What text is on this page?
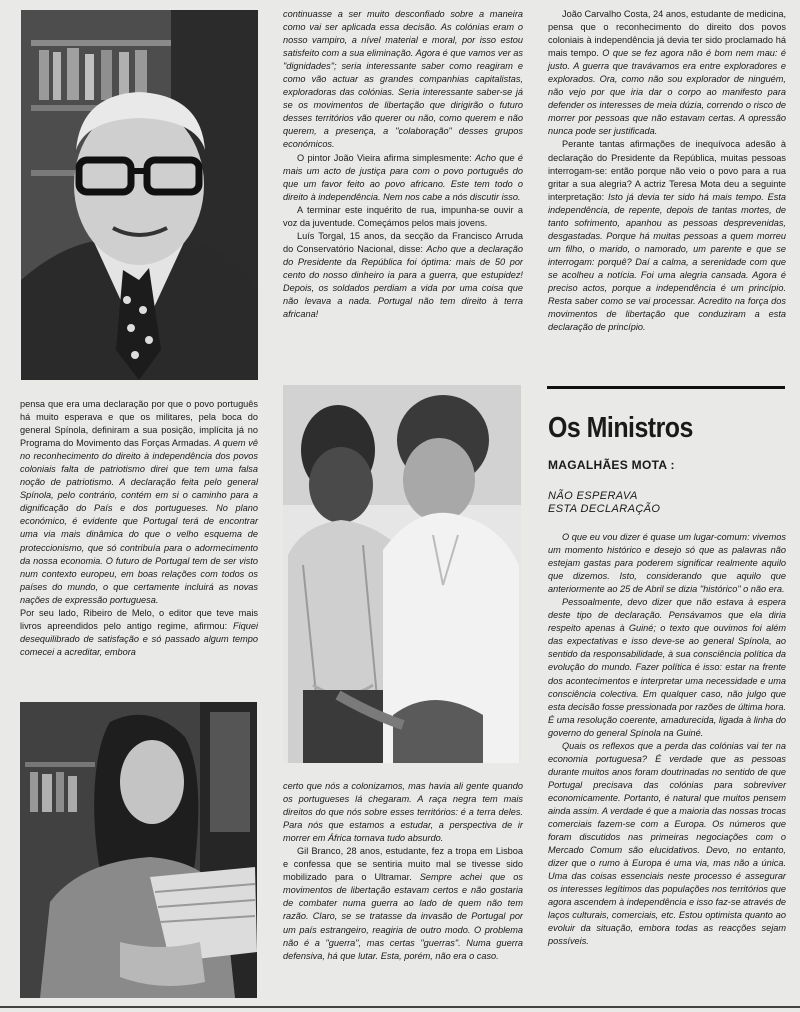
continuasse a ser muito desconfiado sobre a maneira como vai ser aplicada essa decisão. As colónias eram o nosso vampiro, a nível material e moral, por isso estou satisfeito com a sua eliminação. Agora é que vamos ver as "dignidades"; seria interessante saber como reagiram e como vão actuar as grandes companhias capitalistas, exploradoras das colónias. Seria interessante saber-se já se os movimentos de libertação que dirigirão o futuro desses territórios vão querer ou não, como querem e não querem, a presença, a "colaboração" desses grupos económicos.

O pintor João Vieira afirma simplesmente: Acho que é mais um acto de justiça para com o povo português do que um favor feito ao povo africano. Este tem todo o direito à independência. Nem nos cabe a nós discutir isso.

A terminar este inquérito de rua, impunha-se ouvir a voz da juventude. Começámos pelos mais jovens.

Luís Torgal, 15 anos, da secção da Francisco Arruda do Conservatório Nacional, disse: Acho que a declaração do Presidente da República foi óptima: mais de 50 por cento do nosso dinheiro ia para a guerra, que estupidez! Depois, os soldados perdiam a vida por uma coisa que não levava a nada. Portugal não tem direito à terra africana!

João Carvalho Costa, 24 anos, estudante de medicina, pensa que o reconhecimento do direito dos povos coloniais à independência já devia ter sido proclamado há mais tempo. O que se fez agora não é bom nem mau: é justo. A guerra que travávamos era entre exploradores e explorados. Ora, como não sou explorador de ninguém, não vejo por que iria dar o corpo ao manifesto para defender os interesses de meia dúzia, correndo o risco de morrer por pessoas que não estavam certas. A opressão nunca pode ser justificada.

Perante tantas afirmações de inequívoca adesão à declaração do Presidente da República, muitas pessoas interrogam-se: então porque não veio o povo para a rua gritar a sua alegria? A actriz Teresa Mota deu a seguinte interpretação: Isto já devia ter sido há mais tempo. Esta independência, de repente, depois de tantas mortes, de tanto sofrimento, apanhou as pessoas desprevenidas, desgastadas. Porque há muitas pessoas a quem morreu um filho, o marido, o namorado, um parente e que se interrogam: porquê? Daí a calma, a serenidade com que se acolheu a notícia. Foi uma alegria cansada. Agora é preciso actos, porque a independência é um princípio. Resta saber como se vai processar. Acredito na força dos movimentos de libertação que conduziram a esta declaração de princípio.

Os Ministros
MAGALHÃES MOTA :
NÃO ESPERAVA
ESTA DECLARAÇÃO

O que eu vou dizer é quase um lugar-comum: vivemos um momento histórico e desejo só que as palavras não estejam gastas para poderem significar realmente aquilo que dizemos. Isto, considerando que aquilo que anteriormente ao 25 de Abril se dizia "histórico" o não era.

Pessoalmente, devo dizer que não estava à espera deste tipo de declaração. Pensávamos que ela diria respeito apenas à Guiné; o texto que ouvimos foi além das expectativas e isso deve-se ao general Spínola, ao sentido da responsabilidade, à sua consciência política da evolução do mundo. Fazer política é isso: estar na frente dos acontecimentos e interpretar uma necessidade e uma consciência colectiva. Em qualquer caso, não julgo que esta decisão fosse pressionada por razões de última hora. É uma resolução coerente, amadurecida, ligada à linha do governo do general Spínola na Guiné.

Quais os reflexos que a perda das colónias vai ter na economia portuguesa? É verdade que as pessoas durante muitos anos foram doutrinadas no sentido de que Portugal precisava das colónias para sobreviver economicamente. Portanto, é natural que muitos pensem ainda assim. A verdade é que a maioria das nossas trocas comerciais fazem-se com a Europa. Os números que foram discutidos nas primeiras negociações com o Mercado Comum são elucidativos. Devo, no entanto, dizer que o rumo à Europa é uma via, mas não a única. Uma das coisas essenciais neste processo é assegurar os interesses legítimos das populações nos territórios que agora ascendem à independência e isso faz-se através de laços culturais, comerciais, etc. Estou optimista quanto ao evoluir da situação, embora todas as reacções sejam possíveis.

pensa que era uma declaração por que o povo português há muito esperava e que os militares, pela boca do general Spínola, definiram a sua posição, implícita já no Programa do Movimento das Forças Armadas. A quem vê no reconhecimento do direito à independência dos povos coloniais falta de patriotismo direi que tem uma falsa noção de patriotismo. A declaração feita pelo general Spínola, pelo contrário, contém em si o caminho para a dignificação do País e dos portugueses. No plano económico, é evidente que Portugal terá de encontrar uma via mais dinâmica do que o velho esquema de proteccionismo, que só contribuía para o adormecimento da nossa economia. O futuro de Portugal tem de ser visto num contexto europeu, em boas relações com todos os países do mundo, o que certamente incluirá as novas nações de expressão portuguesa.

Por seu lado, Ribeiro de Melo, o editor que teve mais livros apreendidos pelo antigo regime, afirmou: Fiquei desequilibrado de satisfação e só passado algum tempo comecei a acreditar, embora

certo que nós a colonizamos, mas havia ali gente quando os portugueses lá chegaram. A raça negra tem mais direitos do que nós sobre esses territórios: é a terra deles. Para nós que estamos a estudar, a perspectiva de ir morrer em África tornava tudo absurdo.

Gil Branco, 28 anos, estudante, fez a tropa em Lisboa e confessa que se sentiria muito mal se tivesse sido mobilizado para o Ultramar. Sempre achei que os movimentos de libertação estavam certos e não gostaria de combater numa guerra ao lado de quem não tem razão. Claro, se se tratasse da invasão de Portugal por um país estrangeiro, reagiria de outro modo. O problema não é a "guerra", mas certas "guerras". Numa guerra defensiva, há que lutar. Esta, porém, não era o caso.
